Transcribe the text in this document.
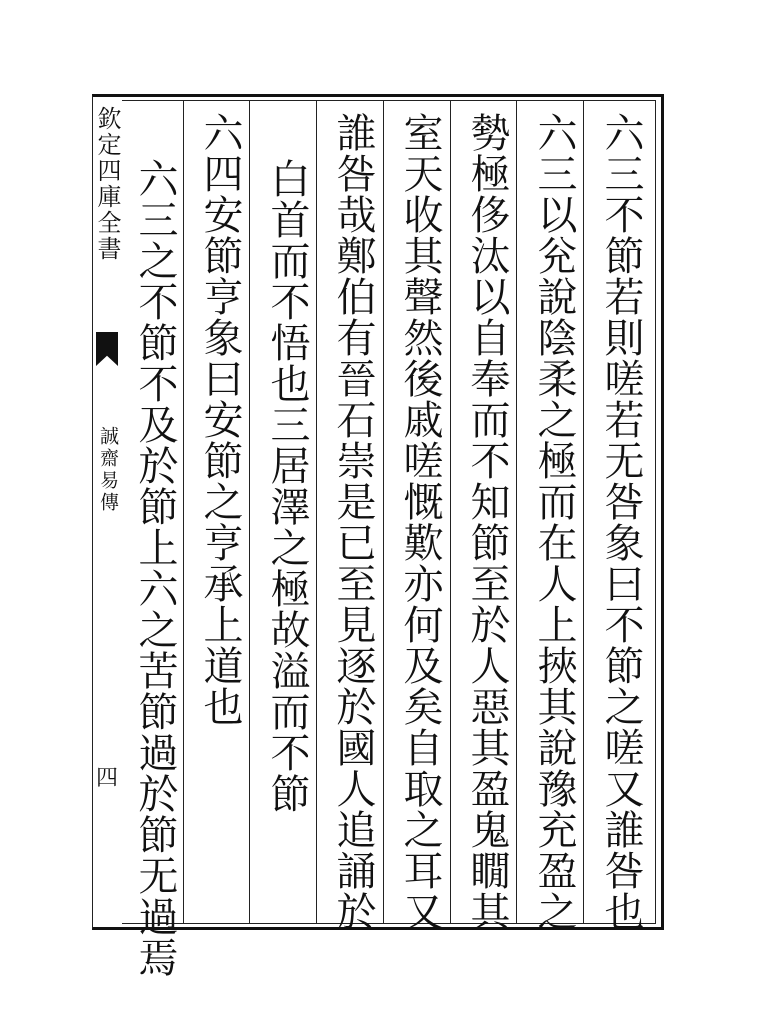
欽定四庫全書
誠齋易傳
四	六三不節若則嗟若无咎象曰不節之嗟又誰咎也
六三以兊說陰柔之極而在人上挾其說豫充盈之
勢極侈汰以自奉而不知節至於人惡其盈鬼瞯其
室天收其聲然後戚嗟慨歎亦何及矣自取之耳又
誰咎哉鄭伯有晉石崇是已至見逐於國人追誦於
白首而不悟也三居澤之極故溢而不節
六四安節亨象曰安節之亨承上道也
六三之不節不及於節上六之苦節過於節无過焉
